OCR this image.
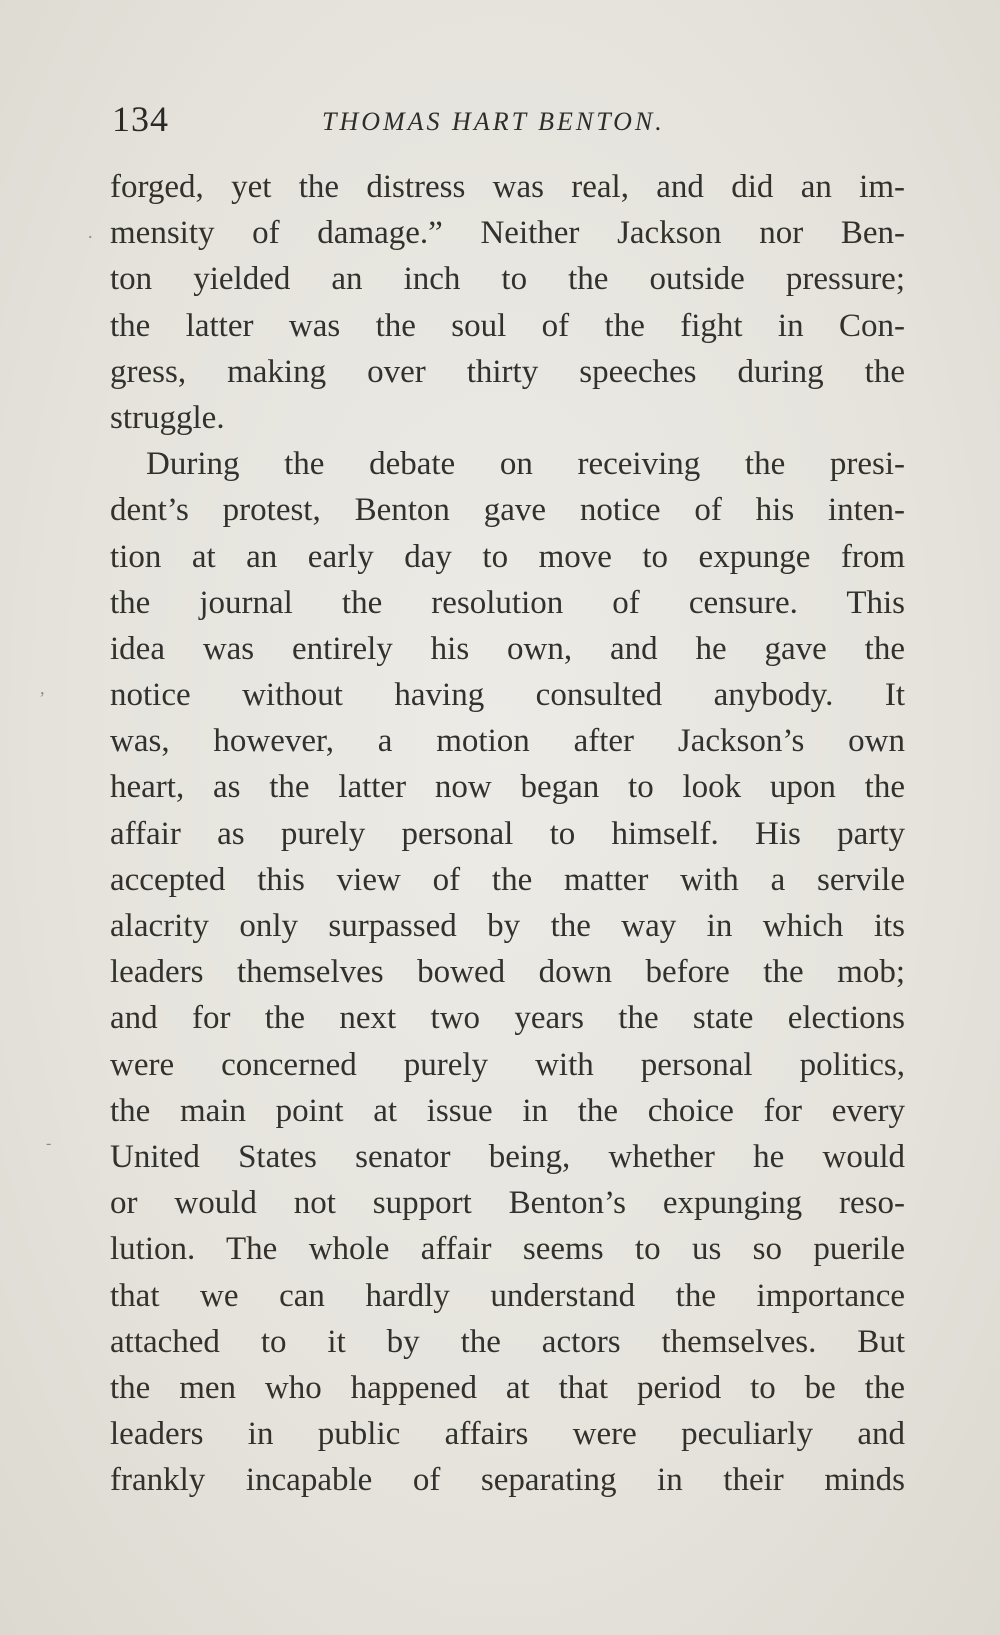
134	THOMAS HART BENTON.
.
,
-
forged, yet the distress was real, and did an im-
mensity of damage.” Neither Jackson nor Ben-
ton yielded an inch to the outside pressure;
the latter was the soul of the fight in Con-
gress, making over thirty speeches during the
struggle.
During the debate on receiving the presi-
dent’s protest, Benton gave notice of his inten-
tion at an early day to move to expunge from
the journal the resolution of censure. This
idea was entirely his own, and he gave the
notice without having consulted anybody. It
was, however, a motion after Jackson’s own
heart, as the latter now began to look upon the
affair as purely personal to himself. His party
accepted this view of the matter with a servile
alacrity only surpassed by the way in which its
leaders themselves bowed down before the mob;
and for the next two years the state elections
were concerned purely with personal politics,
the main point at issue in the choice for every
United States senator being, whether he would
or would not support Benton’s expunging reso-
lution. The whole affair seems to us so puerile
that we can hardly understand the importance
attached to it by the actors themselves. But
the men who happened at that period to be the
leaders in public affairs were peculiarly and
frankly incapable of separating in their minds
